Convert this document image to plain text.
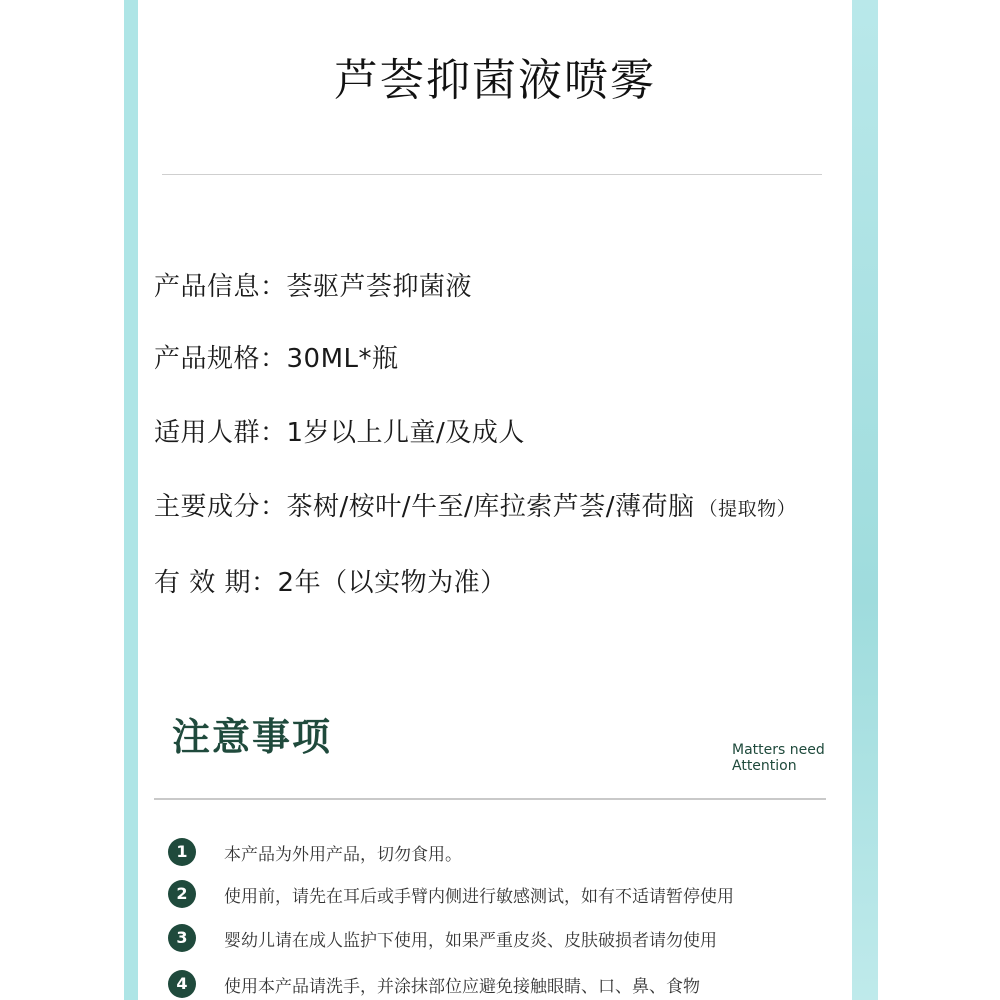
芦荟抑菌液喷雾
产品信息：荟驱芦荟抑菌液
产品规格：30ML*瓶
适用人群：1岁以上儿童/及成人
主要成分：茶树/桉叶/牛至/库拉索芦荟/薄荷脑 （提取物）
有 效 期：2年（以实物为准）
注意事项	Matters need
Attention
1	本产品为外用产品，切勿食用。
2	使用前，请先在耳后或手臂内侧进行敏感测试，如有不适请暂停使用
3	婴幼儿请在成人监护下使用，如果严重皮炎、皮肤破损者请勿使用
4	使用本产品请洗手，并涂抹部位应避免接触眼睛、口、鼻、食物
